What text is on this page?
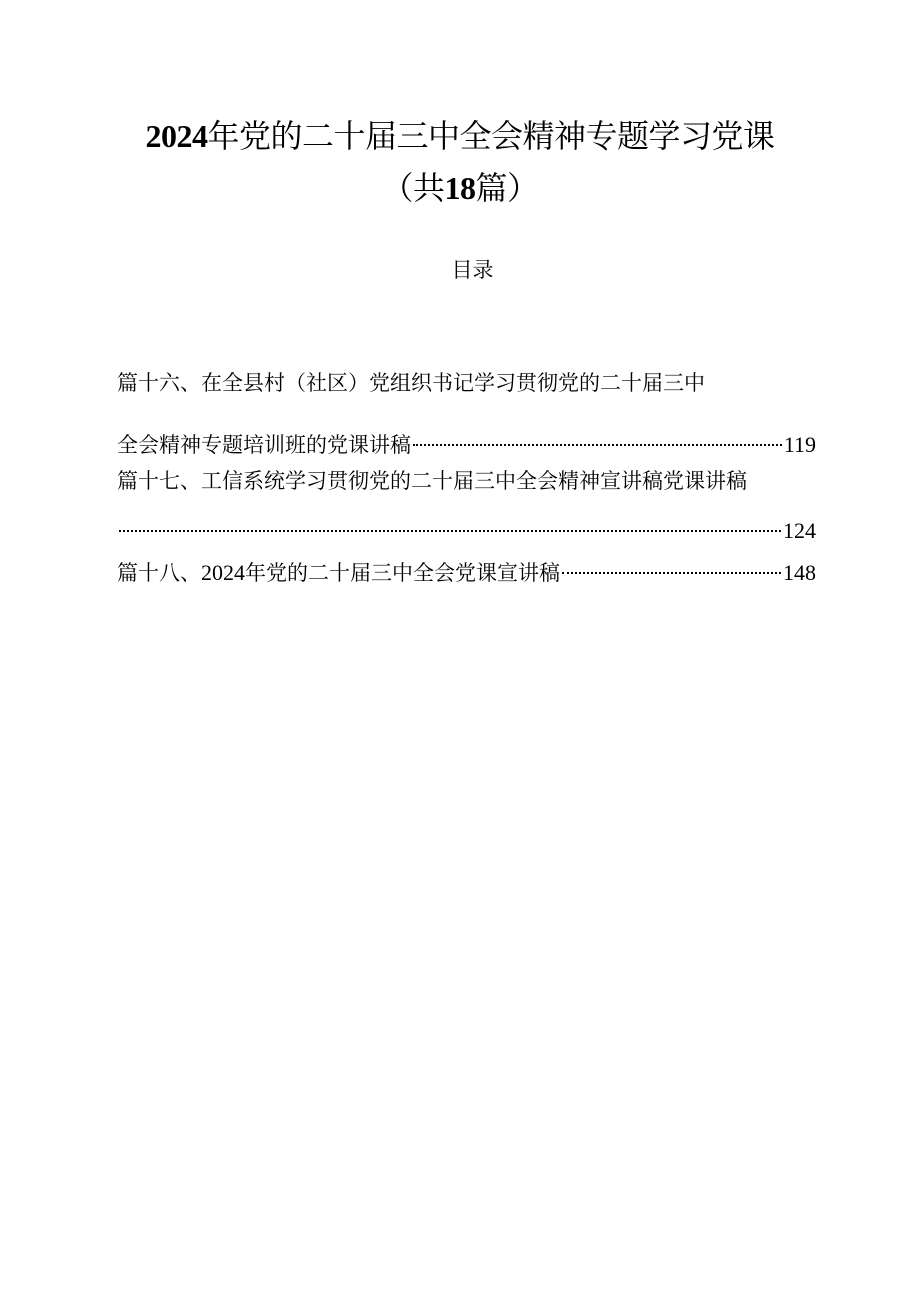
2024年党的二十届三中全会精神专题学习党课
（共18篇）
目录
篇十六、在全县村（社区）党组织书记学习贯彻党的二十届三中
全会精神专题培训班的党课讲稿	119
篇十七、工信系统学习贯彻党的二十届三中全会精神宣讲稿党课讲稿
124
篇十八、2024年党的二十届三中全会党课宣讲稿	148
